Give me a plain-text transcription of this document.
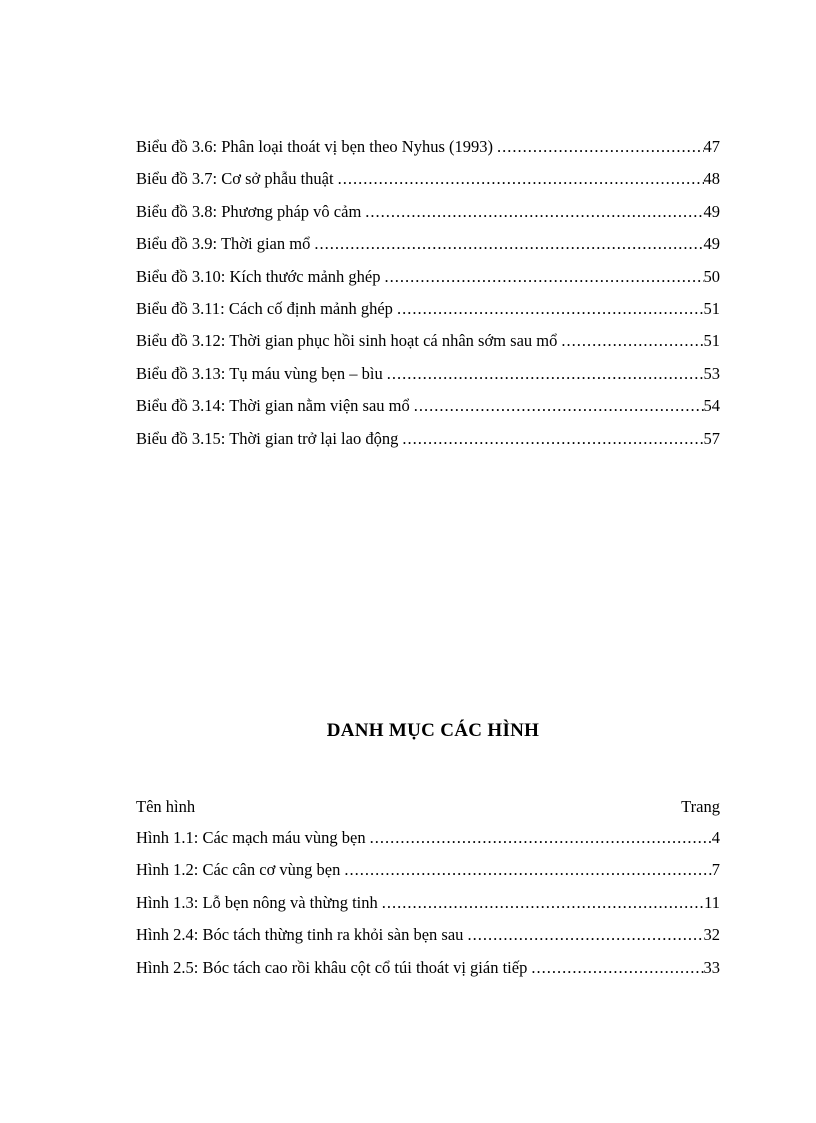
Biểu đồ 3.6: Phân loại thoát vị bẹn theo Nyhus (1993) .....	47
Biểu đồ 3.7: Cơ sở phẫu thuật .....	48
Biểu đồ 3.8: Phương pháp vô cảm .....	49
Biểu đồ 3.9: Thời gian mổ .....	49
Biểu đồ 3.10: Kích thước mảnh ghép .....	50
Biểu đồ 3.11: Cách cố định mảnh ghép .....	51
Biểu đồ 3.12: Thời gian phục hồi sinh hoạt cá nhân sớm sau mổ .....	51
Biểu đồ 3.13: Tụ máu vùng bẹn – bìu .....	53
Biểu đồ 3.14: Thời gian nằm viện sau mổ .....	54
Biểu đồ 3.15: Thời gian trở lại lao động .....	57
DANH MỤC CÁC HÌNH
Tên hình	Trang
Hình 1.1: Các mạch máu vùng bẹn .....	4
Hình 1.2: Các cân cơ vùng bẹn .....	7
Hình 1.3: Lỗ bẹn nông và thừng tinh .....	11
Hình 2.4: Bóc tách thừng tinh ra khỏi sàn bẹn sau .....	32
Hình 2.5: Bóc tách cao rồi khâu cột cổ túi thoát vị gián tiếp .....	33
